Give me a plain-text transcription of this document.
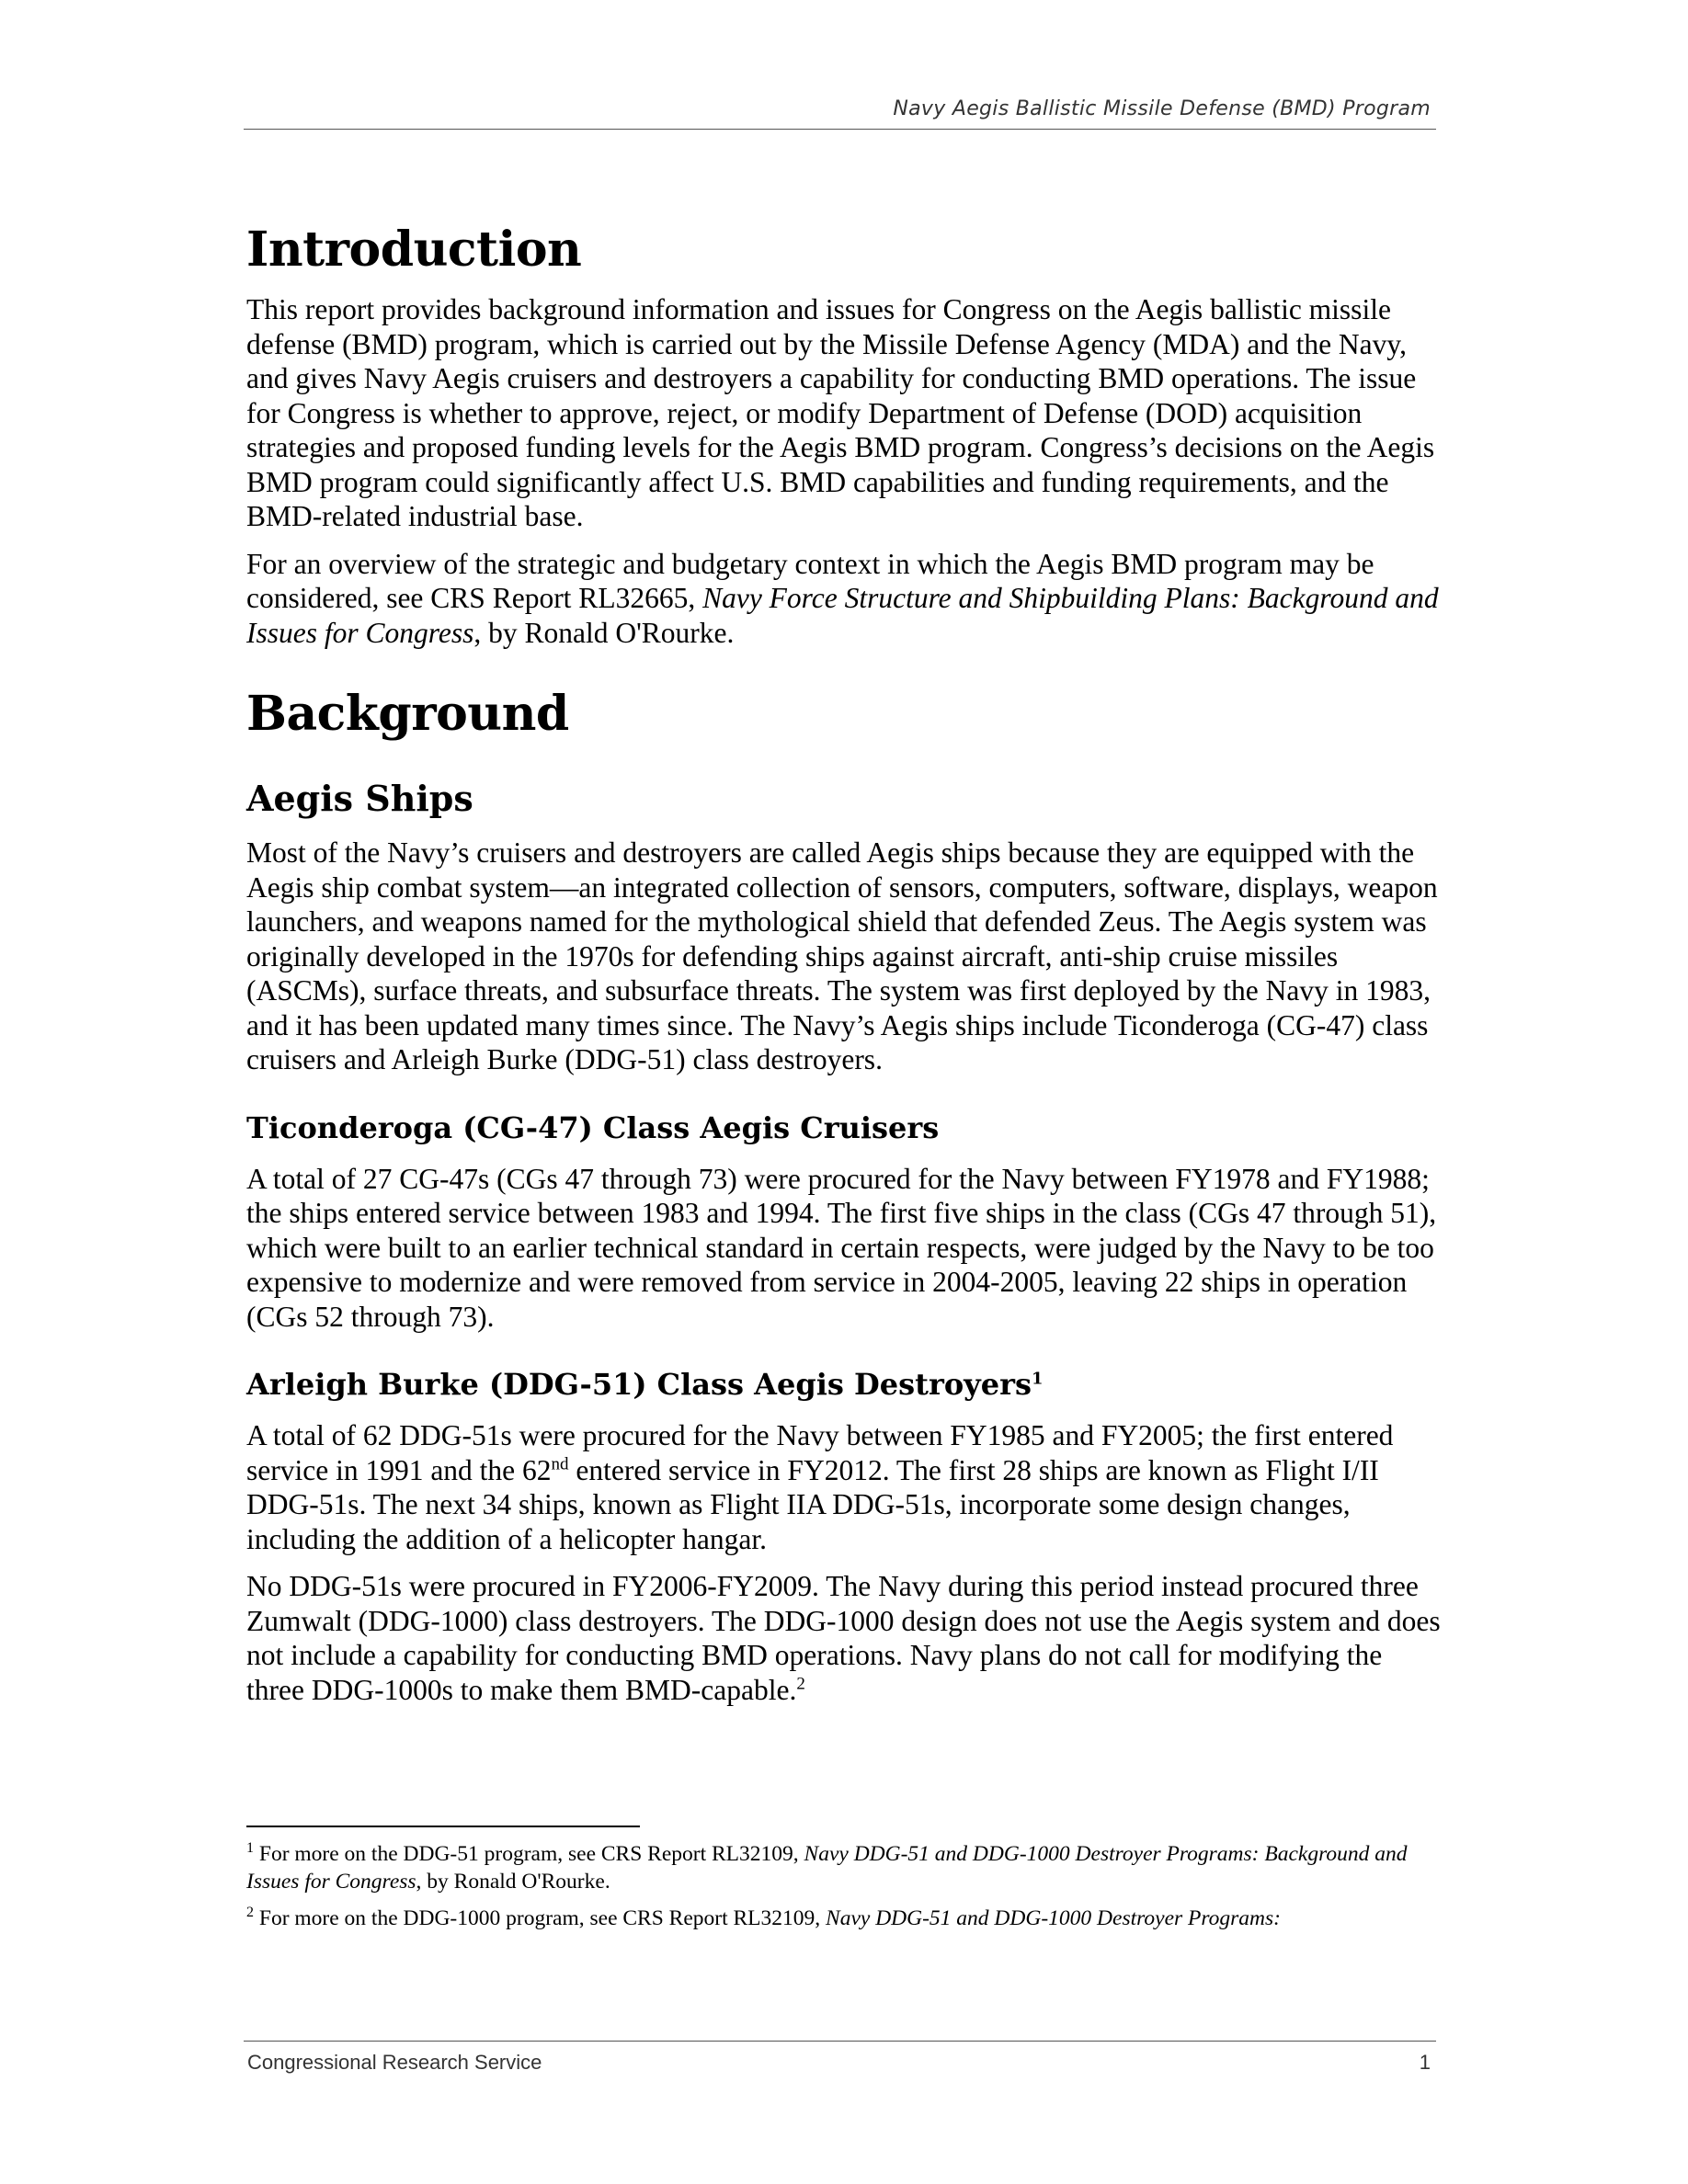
Navy Aegis Ballistic Missile Defense (BMD) Program
Introduction

This report provides background information and issues for Congress on the Aegis ballistic missile defense (BMD) program, which is carried out by the Missile Defense Agency (MDA) and the Navy, and gives Navy Aegis cruisers and destroyers a capability for conducting BMD operations. The issue for Congress is whether to approve, reject, or modify Department of Defense (DOD) acquisition strategies and proposed funding levels for the Aegis BMD program. Congress’s decisions on the Aegis BMD program could significantly affect U.S. BMD capabilities and funding requirements, and the BMD-related industrial base.

For an overview of the strategic and budgetary context in which the Aegis BMD program may be considered, see CRS Report RL32665, Navy Force Structure and Shipbuilding Plans: Background and Issues for Congress, by Ronald O'Rourke.

Background
Aegis Ships

Most of the Navy’s cruisers and destroyers are called Aegis ships because they are equipped with the Aegis ship combat system—an integrated collection of sensors, computers, software, displays, weapon launchers, and weapons named for the mythological shield that defended Zeus. The Aegis system was originally developed in the 1970s for defending ships against aircraft, anti-ship cruise missiles (ASCMs), surface threats, and subsurface threats. The system was first deployed by the Navy in 1983, and it has been updated many times since. The Navy’s Aegis ships include Ticonderoga (CG-47) class cruisers and Arleigh Burke (DDG-51) class destroyers.

Ticonderoga (CG-47) Class Aegis Cruisers

A total of 27 CG-47s (CGs 47 through 73) were procured for the Navy between FY1978 and FY1988; the ships entered service between 1983 and 1994. The first five ships in the class (CGs 47 through 51), which were built to an earlier technical standard in certain respects, were judged by the Navy to be too expensive to modernize and were removed from service in 2004-2005, leaving 22 ships in operation (CGs 52 through 73).

Arleigh Burke (DDG-51) Class Aegis Destroyers$^1$

A total of 62 DDG-51s were procured for the Navy between FY1985 and FY2005; the first entered service in 1991 and the 62nd entered service in FY2012. The first 28 ships are known as Flight I/II DDG-51s. The next 34 ships, known as Flight IIA DDG-51s, incorporate some design changes, including the addition of a helicopter hangar.

No DDG-51s were procured in FY2006-FY2009. The Navy during this period instead procured three Zumwalt (DDG-1000) class destroyers. The DDG-1000 design does not use the Aegis system and does not include a capability for conducting BMD operations. Navy plans do not call for modifying the three DDG-1000s to make them BMD-capable.$^2$

$^1$ For more on the DDG-51 program, see CRS Report RL32109, Navy DDG-51 and DDG-1000 Destroyer Programs: Background and Issues for Congress, by Ronald O'Rourke.

$^2$ For more on the DDG-1000 program, see CRS Report RL32109, Navy DDG-51 and DDG-1000 Destroyer Programs:

Congressional Research Service	1
